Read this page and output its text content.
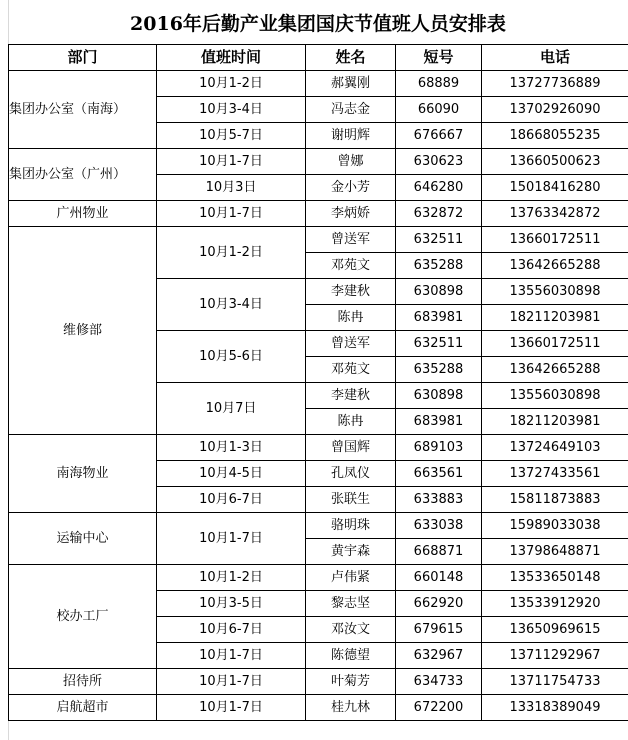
2016年后勤产业集团国庆节值班人员安排表
部门	值班时间	姓名	短号	电话
集团办公室（南海）	10月1-2日	郝翼刚	68889	13727736889
	10月3-4日	冯志金	66090	13702926090
	10月5-7日	谢明辉	676667	18668055235
集团办公室（广州）	10月1-7日	曾娜	630623	13660500623
	10月3日	金小芳	646280	15018416280
广州物业	10月1-7日	李炳娇	632872	13763342872
维修部	10月1-2日	曾送军	632511	13660172511
		邓苑文	635288	13642665288
	10月3-4日	李建秋	630898	13556030898
		陈冉	683981	18211203981
	10月5-6日	曾送军	632511	13660172511
		邓苑文	635288	13642665288
	10月7日	李建秋	630898	13556030898
		陈冉	683981	18211203981
南海物业	10月1-3日	曾国辉	689103	13724649103
	10月4-5日	孔凤仪	663561	13727433561
	10月6-7日	张联生	633883	15811873883
运输中心	10月1-7日	骆明珠	633038	15989033038
		黄宇森	668871	13798648871
校办工厂	10月1-2日	卢伟紧	660148	13533650148
	10月3-5日	黎志坚	662920	13533912920
	10月6-7日	邓汝文	679615	13650969615
	10月1-7日	陈德望	632967	13711292967
招待所	10月1-7日	叶菊芳	634733	13711754733
启航超市	10月1-7日	桂九林	672200	13318389049
